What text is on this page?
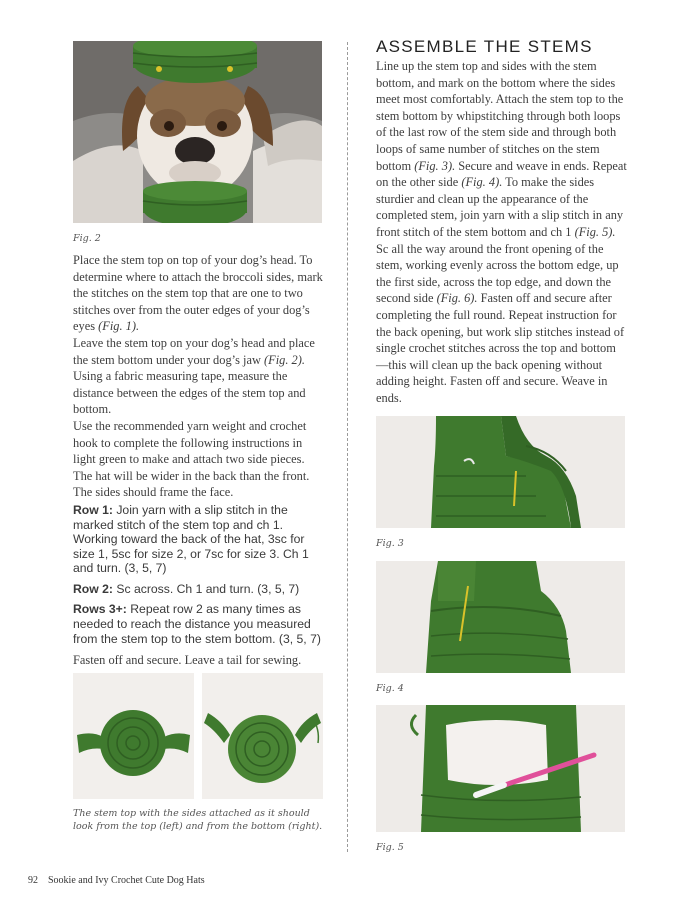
Fig. 2

Place the stem top on top of your dog’s head. To determine where to attach the broccoli sides, mark the stitches on the stem top that are one to two stitches over from the outer edges of your dog’s eyes (Fig. 1).

Leave the stem top on your dog’s head and place the stem bottom under your dog’s jaw (Fig. 2). Using a fabric measuring tape, measure the distance between the edges of the stem top and bottom.

Use the recommended yarn weight and crochet hook to complete the following instructions in light green to make and attach two side pieces. The hat will be wider in the back than the front. The sides should frame the face.

Row 1: Join yarn with a slip stitch in the marked stitch of the stem top and ch 1. Working toward the back of the hat, 3sc for size 1, 5sc for size 2, or 7sc for size 3. Ch 1 and turn. (3, 5, 7)
Row 2: Sc across. Ch 1 and turn. (3, 5, 7)
Rows 3+: Repeat row 2 as many times as needed to reach the distance you measured from the stem top to the stem bottom. (3, 5, 7)

Fasten off and secure. Leave a tail for sewing.

The stem top with the sides attached as it should look from the top (left) and from the bottom (right).
ASSEMBLE THE STEMS

Line up the stem top and sides with the stem bottom, and mark on the bottom where the sides meet most comfortably. Attach the stem top to the stem bottom by whipstitching through both loops of the last row of the stem side and through both loops of same number of stitches on the stem bottom (Fig. 3). Secure and weave in ends. Repeat on the other side (Fig. 4). To make the sides sturdier and clean up the appearance of the completed stem, join yarn with a slip stitch in any front stitch of the stem bottom and ch 1 (Fig. 5). Sc all the way around the front opening of the stem, working evenly across the bottom edge, up the first side, across the top edge, and down the second side (Fig. 6). Fasten off and secure after completing the full round. Repeat instruction for the back opening, but work slip stitches instead of single crochet stitches across the top and bottom—this will clean up the back opening without adding height. Fasten off and secure. Weave in ends.

Fig. 3
Fig. 4
Fig. 5
92 Sookie and Ivy Crochet Cute Dog Hats
